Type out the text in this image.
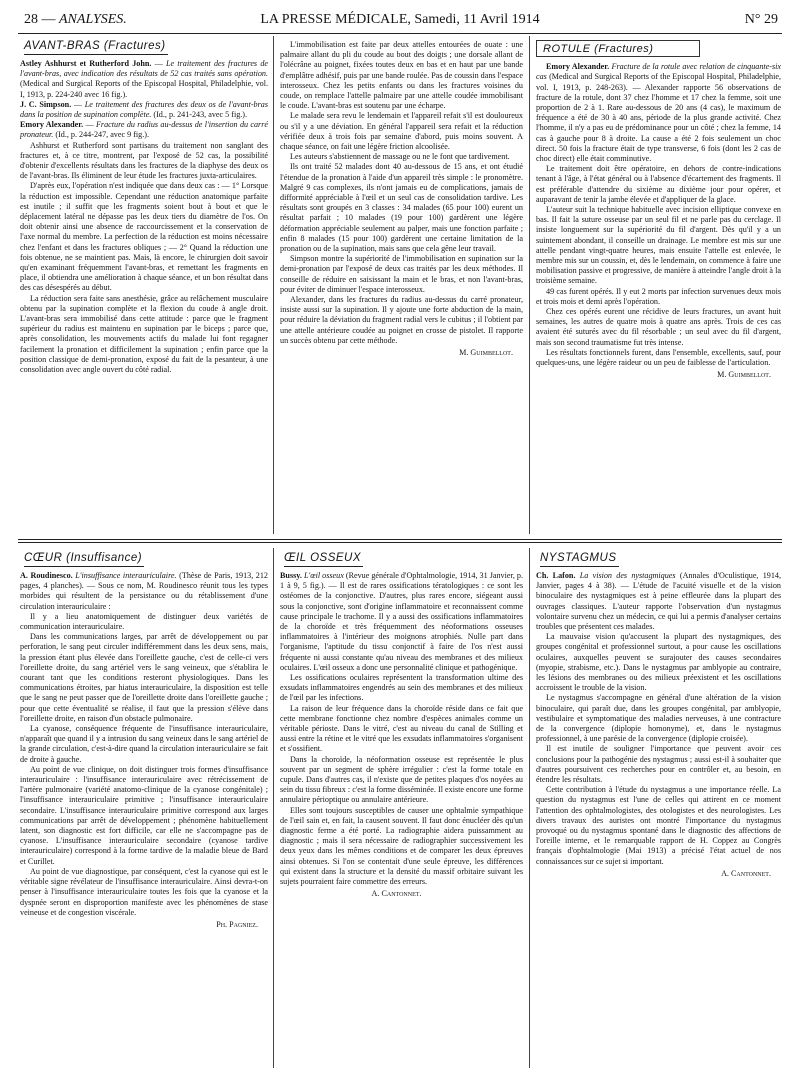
28 — ANALYSES.	LA PRESSE MÉDICALE, Samedi, 11 Avril 1914	N° 29
AVANT-BRAS (Fractures)

Astley Ashhurst et Rutherford John. — Le traitement des fractures de l'avant-bras, avec indication des résultats de 52 cas traités sans opération. (Medical and Surgical Reports of the Episcopal Hospital, Philadelphie, vol. I, 1913, p. 224-240 avec 16 fig.).

J. C. Simpson. — Le traitement des fractures des deux os de l'avant-bras dans la position de supination complète. (Id., p. 241-243, avec 5 fig.).

Emory Alexander. — Fracture du radius au-dessus de l'insertion du carré pronateur. (Id., p. 244-247, avec 9 fig.).

Ashhurst et Rutherford sont partisans du traitement non sanglant des fractures et, à ce titre, montrent, par l'exposé de 52 cas, la possibilité d'obtenir d'excellents résultats dans les fractures de la diaphyse des deux os de l'avant-bras. Ils éliminent de leur étude les fractures juxta-articulaires.

D'après eux, l'opération n'est indiquée que dans deux cas : — 1° Lorsque la réduction est impossible. Cependant une réduction anatomique parfaite est inutile ; il suffit que les fragments soient bout à bout et que le déplacement latéral ne dépasse pas les deux tiers du diamètre de l'os. On doit obtenir ainsi une absence de raccourcissement et la conservation de l'axe normal du membre. La perfection de la réduction est moins nécessaire chez l'enfant et dans les fractures obliques ; — 2° Quand la réduction une fois obtenue, ne se maintient pas. Mais, là encore, le chirurgien doit savoir qu'en examinant fréquemment l'avant-bras, et remettant les fragments en place, il obtiendra une amélioration à chaque séance, et un bon résultat dans des cas désespérés au début.

La réduction sera faite sans anesthésie, grâce au relâchement musculaire obtenu par la supination complète et la flexion du coude à angle droit. L'avant-bras sera immobilisé dans cette attitude : parce que le fragment supérieur du radius est maintenu en supination par le biceps ; parce que, après consolidation, les mouvements actifs du malade lui font regagner facilement la pronation et difficilement la supination ; enfin parce que la position classique de demi-pronation, exposé du fait de la pesanteur, à une consolidation avec angle ouvert du côté radial.

L'immobilisation est faite par deux attelles entourées de ouate : une palmaire allant du pli du coude au bout des doigts ; une dorsale allant de l'olécrâne au poignet, fixées toutes deux en bas et en haut par une bande d'emplâtre adhésif, puis par une bande roulée. Pas de coussin dans l'espace interosseux. Chez les petits enfants ou dans les fractures voisines du coude, on remplace l'attelle palmaire par une attelle coudée immobilisant le coude. L'avant-bras est soutenu par une écharpe.

Le malade sera revu le lendemain et l'appareil refait s'il est douloureux ou s'il y a une déviation. En général l'appareil sera refait et la réduction vérifiée deux à trois fois par semaine d'abord, puis moins souvent. A chaque séance, on fait une légère friction alcoolisée.

Les auteurs s'abstiennent de massage ou ne le font que tardivement.

Ils ont traité 52 malades dont 40 au-dessous de 15 ans, et ont étudié l'étendue de la pronation à l'aide d'un appareil très simple : le pronomètre. Malgré 9 cas complexes, ils n'ont jamais eu de complications, jamais de difformité appréciable à l'œil et un seul cas de consolidation tardive. Les résultats sont groupés en 3 classes : 34 malades (65 pour 100) eurent un résultat parfait ; 10 malades (19 pour 100) gardèrent une légère déformation appréciable seulement au palper, mais une fonction parfaite ; enfin 8 malades (15 pour 100) gardèrent une certaine limitation de la pronation ou de la supination, mais sans que cela gêne leur travail.

Simpson montre la supériorité de l'immobilisation en supination sur la demi-pronation par l'exposé de deux cas traités par les deux méthodes. Il conseille de réduire en saisissant la main et le bras, et non l'avant-bras, pour éviter de diminuer l'espace interosseux.

Alexander, dans les fractures du radius au-dessus du carré pronateur, insiste aussi sur la supination. Il y ajoute une forte abduction de la main, pour réduire la déviation du fragment radial vers le cubitus ; il l'obtient par une attelle antérieure coudée au poignet en crosse de pistolet. Il rapporte un succès obtenu par cette méthode.

M. Guimbellot.
ROTULE (Fractures)

Emory Alexander. Fracture de la rotule avec relation de cinquante-six cas (Medical and Surgical Reports of the Episcopal Hospital, Philadelphie, vol. I, 1913, p. 248-263). — Alexander rapporte 56 observations de fracture de la rotule, dont 37 chez l'homme et 17 chez la femme, soit une proportion de 2 à 1. Rare au-dessous de 20 ans (4 cas), le maximum de fréquence a été de 30 à 40 ans, période de la plus grande activité. Chez l'homme, il n'y a pas eu de prédominance pour un côté ; chez la femme, 14 cas à gauche pour 8 à droite. La cause a été 2 fois seulement un choc direct. 50 fois la fracture était de type transverse, 6 fois (dont les 2 cas de choc direct) elle était comminutive.

Le traitement doit être opératoire, en dehors de contre-indications tenant à l'âge, à l'état général ou à l'absence d'écartement des fragments. Il est préférable d'attendre du sixième au dixième jour pour opérer, et auparavant de tenir la jambe élevée et d'appliquer de la glace.

L'auteur suit la technique habituelle avec incision elliptique convexe en bas. Il fait la suture osseuse par un seul fil et ne parle pas du cerclage. Il insiste longuement sur la supériorité du fil d'argent. Dès qu'il y a un suintement abondant, il conseille un drainage. Le membre est mis sur une attelle pendant vingt-quatre heures, mais ensuite l'attelle est enlevée, le membre mis sur un coussin, et, dès le lendemain, on commence à faire une mobilisation passive et progressive, de manière à atteindre l'angle droit à la troisième semaine.

49 cas furent opérés. Il y eut 2 morts par infection survenues deux mois et trois mois et demi après l'opération.

Chez ces opérés eurent une récidive de leurs fractures, un avant huit semaines, les autres de quatre mois à quatre ans après. Trois de ces cas avaient été suturés avec du fil résorbable ; un seul avec du fil d'argent, mais son second traumatisme fut très intense.

Les résultats fonctionnels furent, dans l'ensemble, excellents, sauf, pour quelques-uns, une légère raideur ou un peu de faiblesse de l'articulation.

M. Guimbellot.
CŒUR (Insuffisance)

A. Roudinesco. L'insuffisance interauriculaire. (Thèse de Paris, 1913, 212 pages, 4 planches). — Sous ce nom, M. Roudinesco réunit tous les types morbides qui résultent de la persistance ou du rétablissement d'une circulation interauriculaire :

Il y a lieu anatomiquement de distinguer deux variétés de communication interauriculaire.

Dans les communications larges, par arrêt de développement ou par perforation, le sang peut circuler indifféremment dans les deux sens, mais, la pression étant plus élevée dans l'oreillette gauche, c'est de celle-ci vers l'oreillette droite, du sang artériel vers le sang veineux, que s'établira le courant tant que les conditions resteront physiologiques. Dans les communications étroites, par hiatus interauriculaire, la disposition est telle que le sang ne peut passer que de l'oreillette droite dans l'oreillette gauche ; pour que cette éventualité se réalise, il faut que la pression s'élève dans l'oreillette droite, en raison d'un obstacle pulmonaire.

La cyanose, conséquence fréquente de l'insuffisance interauriculaire, n'apparaît que quand il y a intrusion du sang veineux dans le sang artériel de la grande circulation, c'est-à-dire quand la circulation interauriculaire se fait de droite à gauche.

Au point de vue clinique, on doit distinguer trois formes d'insuffisance interauriculaire : l'insuffisance interauriculaire avec rétrécissement de l'artère pulmonaire (variété anatomo-clinique de la cyanose congénitale) ; l'insuffisance interauriculaire primitive ; l'insuffisance interauriculaire secondaire. L'insuffisance interauriculaire primitive correspond aux larges communications par arrêt de développement ; phénomène habituellement latent, son diagnostic est fort difficile, car elle ne s'accompagne pas de cyanose. L'insuffisance interauriculaire secondaire (cyanose tardive interauriculaire) correspond à la forme tardive de la maladie bleue de Bard et Curillet.

Au point de vue diagnostique, par conséquent, c'est la cyanose qui est le véritable signe révélateur de l'insuffisance interauriculaire. Ainsi devra-t-on penser à l'insuffisance interauriculaire toutes les fois que la cyanose et la dyspnée seront en disproportion manifeste avec les phénomènes de stase veineuse et de congestion viscérale.

Ph. Pagniez.
ŒIL OSSEUX

Bussy. L'œil osseux (Revue générale d'Ophtalmologie, 1914, 31 Janvier, p. 1 à 9, 5 fig.). — Il est de rares ossifications tératologiques : ce sont les ostéomes de la conjonctive. D'autres, plus rares encore, siégeant aussi sous la conjonctive, sont d'origine inflammatoire et reconnaissent comme cause principale le trachome. Il y a aussi des ossifications inflammatoires de la choroïde et très fréquemment des néoformations osseuses inflammatoires à l'intérieur des moignons atrophiés. Nulle part dans l'organisme, l'aptitude du tissu conjonctif à faire de l'os n'est aussi fréquente ni aussi constante qu'au niveau des membranes et des milieux oculaires. L'œil osseux a donc une personnalité clinique et pathogénique.

Les ossifications oculaires représentent la transformation ultime des exsudats inflammatoires engendrés au sein des membranes et des milieux de l'œil par les infections.

La raison de leur fréquence dans la choroïde réside dans ce fait que cette membrane fonctionne chez nombre d'espèces animales comme un véritable périoste. Dans le vitré, c'est au niveau du canal de Stilling et aussi entre la rétine et le vitré que les exsudats inflammatoires s'organisent et s'ossifient.

Dans la choroïde, la néoformation osseuse est représentée le plus souvent par un segment de sphère irrégulier : c'est la forme totale en cupule. Dans d'autres cas, il n'existe que de petites plaques d'os noyées au sein du tissu fibreux : c'est la forme disséminée. Il existe encore une forme annulaire périoptique ou annulaire antérieure.

Elles sont toujours susceptibles de causer une ophtalmie sympathique de l'œil sain et, en fait, la causent souvent. Il faut donc énucléer dès qu'un diagnostic ferme a été porté. La radiographie aidera puissamment au diagnostic ; mais il sera nécessaire de radiographier successivement les deux yeux dans les mêmes conditions et de comparer les deux épreuves ainsi obtenues. Si l'on se contentait d'une seule épreuve, les différences qui existent dans la structure et la densité du massif orbitaire suivant les sujets pourraient faire commettre des erreurs.

A. Cantonnet.
NYSTAGMUS

Ch. Lafon. La vision des nystagmiques (Annales d'Oculistique, 1914, Janvier, pages 4 à 38). — L'étude de l'acuité visuelle et de la vision binoculaire des nystagmiques est à peine effleurée dans la plupart des ouvrages classiques. L'auteur rapporte l'observation d'un nystagmus volontaire survenu chez un médecin, ce qui lui a permis d'analyser certains troubles que présentent ces malades.

La mauvaise vision qu'accusent la plupart des nystagmiques, des groupes congénital et professionnel surtout, a pour cause les oscillations oculaires, auxquelles peuvent se surajouter des causes secondaires (myopie, strabisme, etc.). Dans le nystagmus par amblyopie au contraire, les lésions des membranes ou des milieux préexistent et les oscillations accroissent le trouble de la vision.

Le nystagmus s'accompagne en général d'une altération de la vision binoculaire, qui paraît due, dans les groupes congénital, par amblyopie, vestibulaire et symptomatique des maladies nerveuses, à une contracture de la convergence (diplopie homonyme), et, dans le nystagmus professionnel, à une parésie de la convergence (diplopie croisée).

Il est inutile de souligner l'importance que peuvent avoir ces conclusions pour la pathogénie des nystagmus ; aussi est-il à souhaiter que d'autres poursuivent ces recherches pour en contrôler et, au besoin, en étendre les résultats.

Cette contribution à l'étude du nystagmus a une importance réelle. La question du nystagmus est l'une de celles qui attirent en ce moment l'attention des ophtalmologistes, des otologistes et des neurologistes. Les divers travaux des auristes ont montré l'importance du nystagmus provoqué ou du nystagmus spontané dans le diagnostic des affections de l'oreille interne, et le remarquable rapport de H. Coppez au Congrès français d'ophtalmologie (Mai 1913) a précisé l'état actuel de nos connaissances sur ce sujet si important.

A. Cantonnet.
